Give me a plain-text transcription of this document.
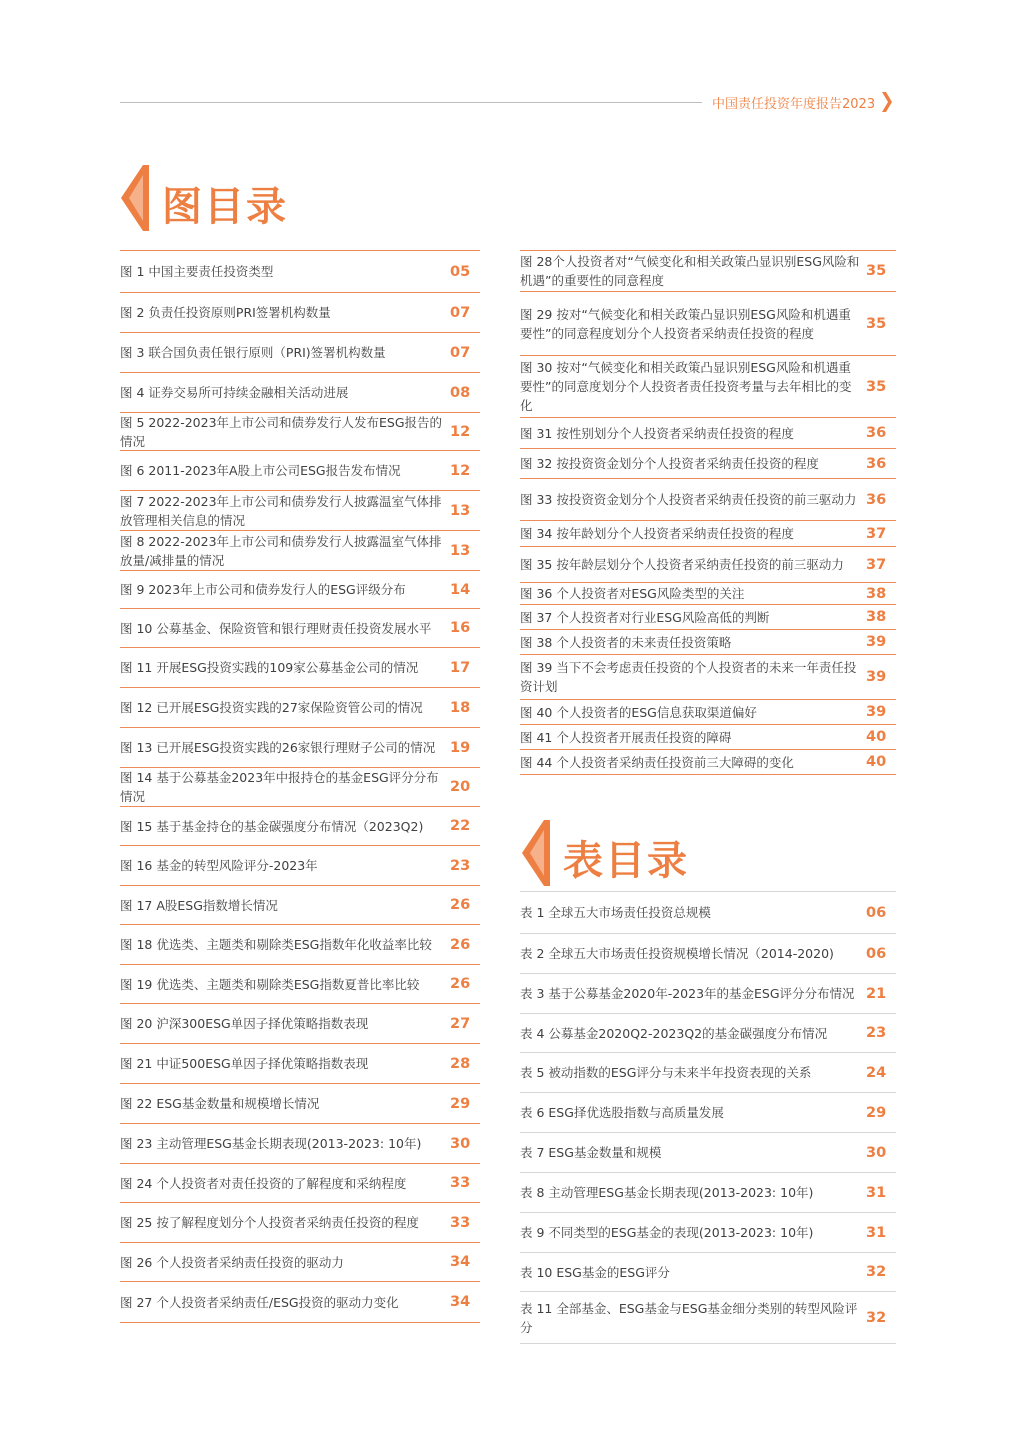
中国责任投资年度报告2023
图目录
图 1 中国主要责任投资类型	05
图 2 负责任投资原则PRI签署机构数量	07
图 3 联合国负责任银行原则（PRI)签署机构数量	07
图 4 证券交易所可持续金融相关活动进展	08
图 5 2022-2023年上市公司和债券发行人发布ESG报告的情况
12
图 6 2011-2023年A股上市公司ESG报告发布情况	12
图 7 2022-2023年上市公司和债券发行人披露温室气体排放管理相关信息的情况
13
图 8 2022-2023年上市公司和债券发行人披露温室气体排放量/减排量的情况
13
图 9 2023年上市公司和债券发行人的ESG评级分布	14
图 10 公募基金、保险资管和银行理财责任投资发展水平	16
图 11 开展ESG投资实践的109家公募基金公司的情况	17
图 12 已开展ESG投资实践的27家保险资管公司的情况	18
图 13 已开展ESG投资实践的26家银行理财子公司的情况	19
图 14 基于公募基金2023年中报持仓的基金ESG评分分布情况
20
图 15 基于基金持仓的基金碳强度分布情况（2023Q2)	22
图 16 基金的转型风险评分-2023年	23
图 17 A股ESG指数增长情况	26
图 18 优选类、主题类和剔除类ESG指数年化收益率比较	26
图 19 优选类、主题类和剔除类ESG指数夏普比率比较	26
图 20 沪深300ESG单因子择优策略指数表现	27
图 21 中证500ESG单因子择优策略指数表现	28
图 22 ESG基金数量和规模增长情况	29
图 23 主动管理ESG基金长期表现(2013-2023: 10年)	30
图 24 个人投资者对责任投资的了解程度和采纳程度	33
图 25 按了解程度划分个人投资者采纳责任投资的程度	33
图 26 个人投资者采纳责任投资的驱动力	34
图 27 个人投资者采纳责任/ESG投资的驱动力变化	34
图 28个人投资者对“气候变化和相关政策凸显识别ESG风险和机遇”的重要性的同意程度
35
图 29 按对“气候变化和相关政策凸显识别ESG风险和机遇重要性”的同意程度划分个人投资者采纳责任投资的程度
35
图 30 按对“气候变化和相关政策凸显识别ESG风险和机遇重要性”的同意度划分个人投资者责任投资考量与去年相比的变化
35
图 31 按性别划分个人投资者采纳责任投资的程度	36
图 32 按投资资金划分个人投资者采纳责任投资的程度	36
图 33 按投资资金划分个人投资者采纳责任投资的前三驱动力 36
图 34 按年龄划分个人投资者采纳责任投资的程度	37
图 35 按年龄层划分个人投资者采纳责任投资的前三驱动力	37
图 36 个人投资者对ESG风险类型的关注	38
图 37 个人投资者对行业ESG风险高低的判断	38
图 38 个人投资者的未来责任投资策略	39
图 39 当下不会考虑责任投资的个人投资者的未来一年责任投资计划
39
图 40 个人投资者的ESG信息获取渠道偏好	39
图 41 个人投资者开展责任投资的障碍	40
图 44 个人投资者采纳责任投资前三大障碍的变化	40
表目录
表 1 全球五大市场责任投资总规模	06
表 2 全球五大市场责任投资规模增长情况（2014-2020)	06
表 3 基于公募基金2020年-2023年的基金ESG评分分布情况 21
表 4 公募基金2020Q2-2023Q2的基金碳强度分布情况	23
表 5 被动指数的ESG评分与未来半年投资表现的关系	24
表 6 ESG择优选股指数与高质量发展	29
表 7 ESG基金数量和规模	30
表 8 主动管理ESG基金长期表现(2013-2023: 10年)	31
表 9 不同类型的ESG基金的表现(2013-2023: 10年)	31
表 10 ESG基金的ESG评分	32
表 11 全部基金、ESG基金与ESG基金细分类别的转型风险评分
32
